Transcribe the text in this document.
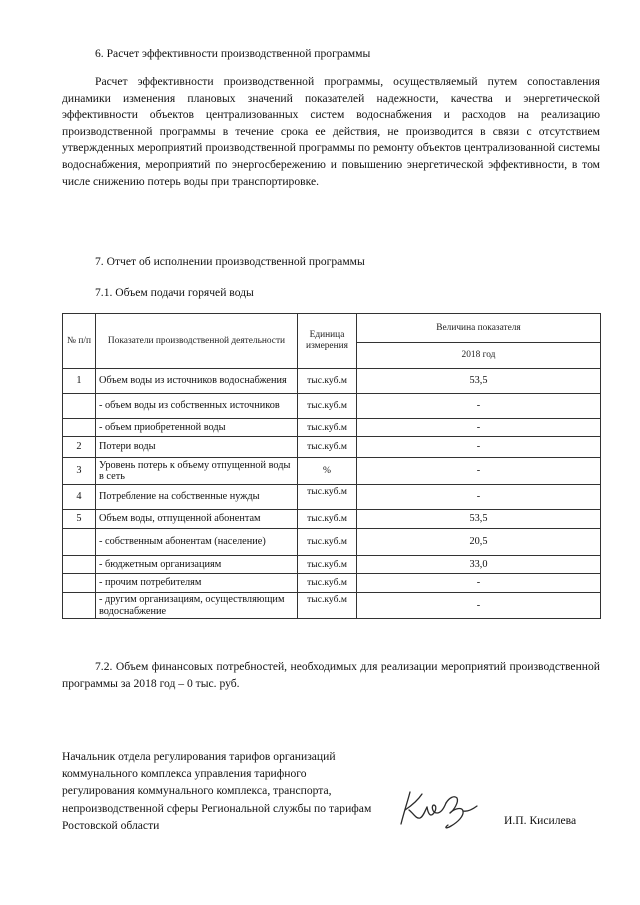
6. Расчет эффективности производственной программы
Расчет эффективности производственной программы, осуществляемый путем сопоставления динамики изменения плановых значений показателей надежности, качества и энергетической эффективности объектов централизованных систем водоснабжения и расходов на реализацию производственной программы в течение срока ее действия, не производится в связи с отсутствием утвержденных мероприятий производственной программы по ремонту объектов централизованной системы водоснабжения, мероприятий по энергосбережению и повышению энергетической эффективности, в том числе снижению потерь воды при транспортировке.
7. Отчет об исполнении производственной программы
7.1. Объем подачи горячей воды
№ п/п	Показатели производственной деятельности	Единица измерения	Величина показателя
			2018 год
1	Объем воды из источников водоснабжения	тыс.куб.м	53,5
	- объем воды из собственных источников	тыс.куб.м	-
	- объем приобретенной воды	тыс.куб.м	-
2	Потери воды	тыс.куб.м	-
3	Уровень потерь к объему отпущенной воды в сеть	%	-
4	Потребление на собственные нужды	тыс.куб.м	-
5	Объем воды, отпущенной абонентам	тыс.куб.м	53,5
	- собственным абонентам (население)	тыс.куб.м	20,5
	- бюджетным организациям	тыс.куб.м	33,0
	- прочим потребителям	тыс.куб.м	-
	- другим организациям, осуществляющим водоснабжение	тыс.куб.м	-
7.2. Объем финансовых потребностей, необходимых для реализации мероприятий производственной программы за 2018 год – 0 тыс. руб.
Начальник отдела регулирования тарифов организаций коммунального комплекса управления тарифного регулирования коммунального комплекса, транспорта, непроизводственной сферы Региональной службы по тарифам Ростовской области	И.П. Кисилева
